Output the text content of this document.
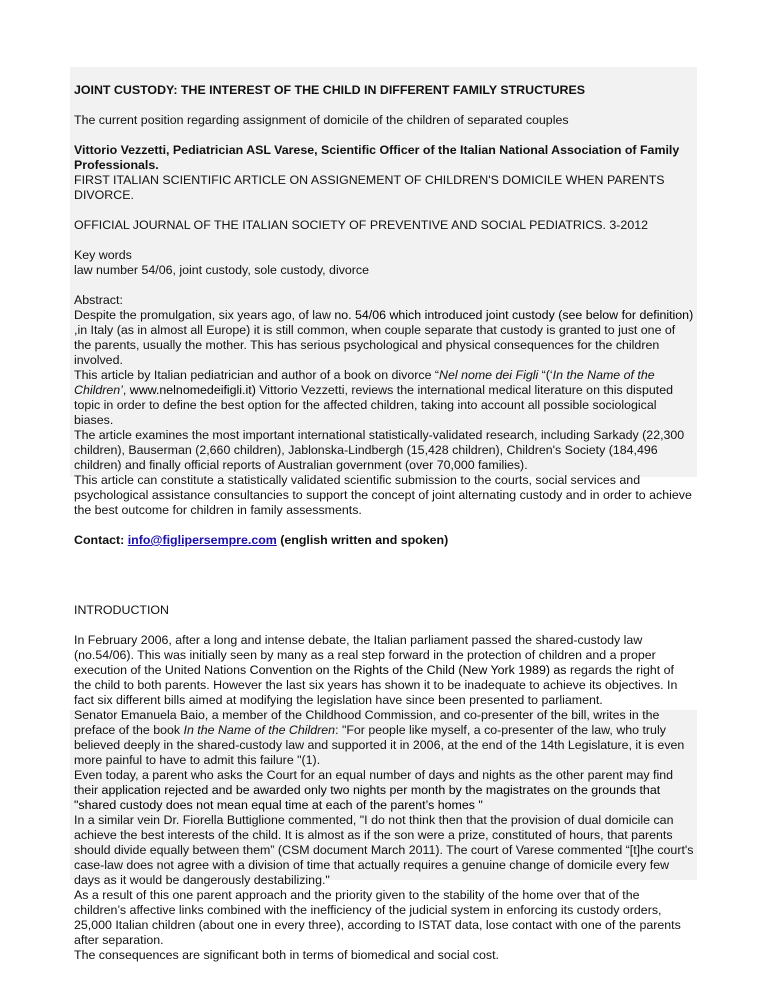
JOINT CUSTODY: THE INTEREST OF THE CHILD IN DIFFERENT FAMILY STRUCTURES

The current position regarding assignment of domicile of the children of separated couples

Vittorio Vezzetti, Pediatrician ASL Varese, Scientific Officer of the Italian National Association of Family Professionals.

FIRST ITALIAN SCIENTIFIC ARTICLE ON ASSIGNEMENT OF CHILDREN'S DOMICILE WHEN PARENTS DIVORCE.

OFFICIAL JOURNAL OF THE ITALIAN SOCIETY OF PREVENTIVE AND SOCIAL PEDIATRICS. 3-2012

Key words

law number 54/06, joint custody, sole custody, divorce

Abstract:

Despite the promulgation, six years ago, of law no. 54/06 which introduced joint custody (see below for definition) ,in Italy (as in almost all Europe) it is still common, when couple separate that custody is granted to just one of the parents, usually the mother. This has serious psychological and physical consequences for the children involved.

This article by Italian pediatrician and author of a book on divorce “Nel nome dei Figli “(‘In the Name of the Children’, www.nelnomedeifigli.it) Vittorio Vezzetti, reviews the international medical literature on this disputed topic in order to define the best option for the affected children, taking into account all possible sociological biases.

The article examines the most important international statistically-validated research, including Sarkady (22,300 children), Bauserman (2,660 children), Jablonska-Lindbergh (15,428 children), Children's Society (184,496 children) and finally official reports of Australian government (over 70,000 families).

This article can constitute a statistically validated scientific submission to the courts, social services and psychological assistance consultancies to support the concept of joint alternating custody and in order to achieve the best outcome for children in family assessments.

Contact: info@figlipersempre.com (english written and spoken)

INTRODUCTION

In February 2006, after a long and intense debate, the Italian parliament passed the shared-custody law (no.54/06). This was initially seen by many as a real step forward in the protection of children and a proper execution of the United Nations Convention on the Rights of the Child (New York 1989) as regards the right of the child to both parents. However the last six years has shown it to be inadequate to achieve its objectives. In fact six different bills aimed at modifying the legislation have since been presented to parliament.

Senator Emanuela Baio, a member of the Childhood Commission, and co-presenter of the bill, writes in the preface of the book In the Name of the Children: "For people like myself, a co-presenter of the law, who truly believed deeply in the shared-custody law and supported it in 2006, at the end of the 14th Legislature, it is even more painful to have to admit this failure "(1).

Even today, a parent who asks the Court for an equal number of days and nights as the other parent may find their application rejected and be awarded only two nights per month by the magistrates on the grounds that "shared custody does not mean equal time at each of the parent’s homes "

In a similar vein Dr. Fiorella Buttiglione commented, "I do not think then that the provision of dual domicile can achieve the best interests of the child. It is almost as if the son were a prize, constituted of hours, that parents should divide equally between them” (CSM document March 2011). The court of Varese commented “[t]he court's case-law does not agree with a division of time that actually requires a genuine change of domicile every few days as it would be dangerously destabilizing."

As a result of this one parent approach and the priority given to the stability of the home over that of the children’s affective links combined with the inefficiency of the judicial system in enforcing its custody orders, 25,000 Italian children (about one in every three), according to ISTAT data, lose contact with one of the parents after separation.

The consequences are significant both in terms of biomedical and social cost.
